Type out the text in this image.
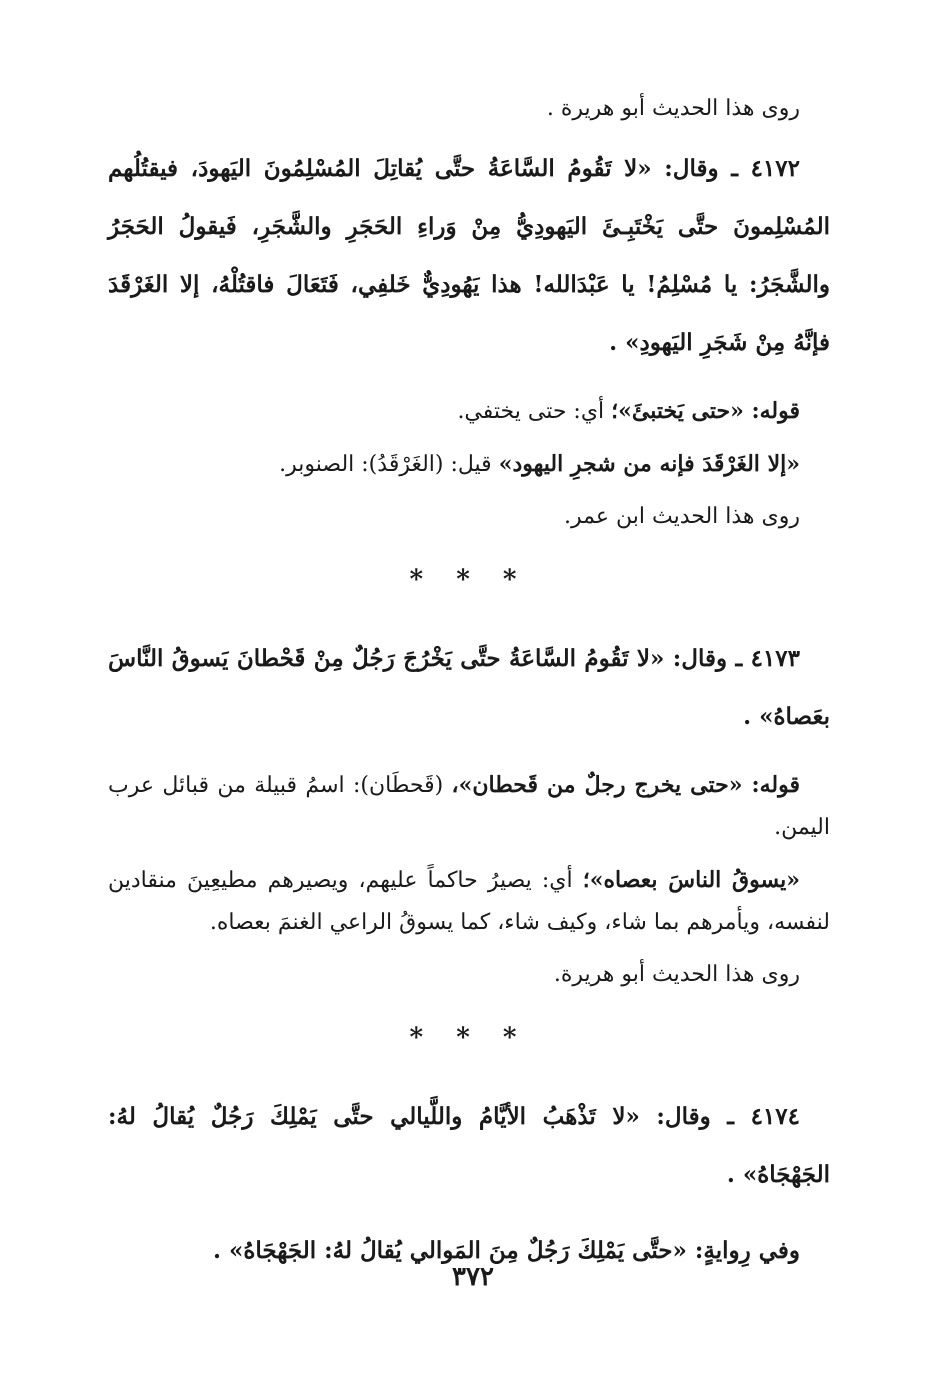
روى هذا الحديث أبو هريرة .

٤١٧٢ ـ وقال: «لا تَقُومُ السَّاعَةُ حتَّى يُقاتِلَ المُسْلِمُونَ اليَهودَ، فيقتُلُهم المُسْلِمونَ حتَّى يَخْتَبِـئَ اليَهودِيُّ مِنْ وَراءِ الحَجَرِ والشَّجَرِ، فَيقولُ الحَجَرُ والشَّجَرُ: يا مُسْلِمُ! يا عَبْدَالله! هذا يَهُودِيٌّ خَلفِي، فَتَعَالَ فاقتُلْهُ، إلا الغَرْقَدَ فإنَّهُ مِنْ شَجَرِ اليَهودِ» .

قوله: «حتى يَختبئَ»؛ أي: حتى يختفي.

«إلا الغَرْقَدَ فإنه من شجرِ اليهود» قيل: (الغَرْقَدُ): الصنوبر.

روى هذا الحديث ابن عمر.

* * *

٤١٧٣ ـ وقال: «لا تَقُومُ السَّاعَةُ حتَّى يَخْرُجَ رَجُلٌ مِنْ قَحْطانَ يَسوقُ النَّاسَ بعَصاهُ» .

قوله: «حتى يخرج رجلٌ من قَحطان»، (قَحطَان): اسمُ قبيلة من قبائل عرب اليمن.

«يسوقُ الناسَ بعصاه»؛ أي: يصيرُ حاكماً عليهم، ويصيرهم مطيعِينَ منقادين لنفسه، ويأمرهم بما شاء، وكيف شاء، كما يسوقُ الراعي الغنمَ بعصاه.

روى هذا الحديث أبو هريرة.

* * *

٤١٧٤ ـ وقال: «لا تَذْهَبُ الأيَّامُ واللَّيالي حتَّى يَمْلِكَ رَجُلٌ يُقالُ لهُ: الجَهْجَاهُ» .

وفي رِوايةٍ: «حتَّى يَمْلِكَ رَجُلٌ مِنَ المَوالي يُقالُ لهُ: الجَهْجَاهُ» .

٣٧٢
